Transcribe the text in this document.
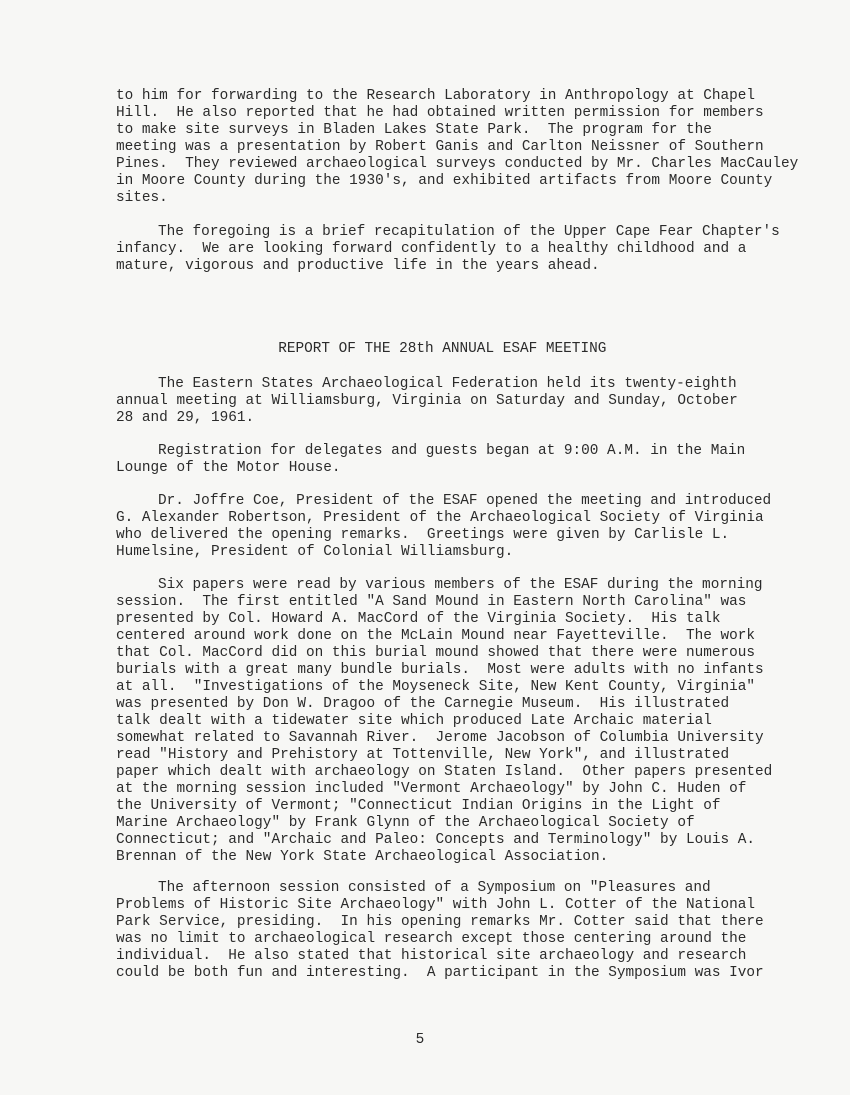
to him for forwarding to the Research Laboratory in Anthropology at Chapel
Hill.  He also reported that he had obtained written permission for members
to make site surveys in Bladen Lakes State Park.  The program for the
meeting was a presentation by Robert Ganis and Carlton Neissner of Southern
Pines.  They reviewed archaeological surveys conducted by Mr. Charles MacCauley
in Moore County during the 1930's, and exhibited artifacts from Moore County
sites.
The foregoing is a brief recapitulation of the Upper Cape Fear Chapter's
infancy.  We are looking forward confidently to a healthy childhood and a
mature, vigorous and productive life in the years ahead.

REPORT OF THE 28th ANNUAL ESAF MEETING

The Eastern States Archaeological Federation held its twenty-eighth
annual meeting at Williamsburg, Virginia on Saturday and Sunday, October
28 and 29, 1961.
Registration for delegates and guests began at 9:00 A.M. in the Main
Lounge of the Motor House.
Dr. Joffre Coe, President of the ESAF opened the meeting and introduced
G. Alexander Robertson, President of the Archaeological Society of Virginia
who delivered the opening remarks.  Greetings were given by Carlisle L.
Humelsine, President of Colonial Williamsburg.
Six papers were read by various members of the ESAF during the morning
session.  The first entitled "A Sand Mound in Eastern North Carolina" was
presented by Col. Howard A. MacCord of the Virginia Society.  His talk
centered around work done on the McLain Mound near Fayetteville.  The work
that Col. MacCord did on this burial mound showed that there were numerous
burials with a great many bundle burials.  Most were adults with no infants
at all.  "Investigations of the Moyseneck Site, New Kent County, Virginia"
was presented by Don W. Dragoo of the Carnegie Museum.  His illustrated
talk dealt with a tidewater site which produced Late Archaic material
somewhat related to Savannah River.  Jerome Jacobson of Columbia University
read "History and Prehistory at Tottenville, New York", and illustrated
paper which dealt with archaeology on Staten Island.  Other papers presented
at the morning session included "Vermont Archaeology" by John C. Huden of
the University of Vermont; "Connecticut Indian Origins in the Light of
Marine Archaeology" by Frank Glynn of the Archaeological Society of
Connecticut; and "Archaic and Paleo: Concepts and Terminology" by Louis A.
Brennan of the New York State Archaeological Association.
The afternoon session consisted of a Symposium on "Pleasures and
Problems of Historic Site Archaeology" with John L. Cotter of the National
Park Service, presiding.  In his opening remarks Mr. Cotter said that there
was no limit to archaeological research except those centering around the
individual.  He also stated that historical site archaeology and research
could be both fun and interesting.  A participant in the Symposium was Ivor
5
